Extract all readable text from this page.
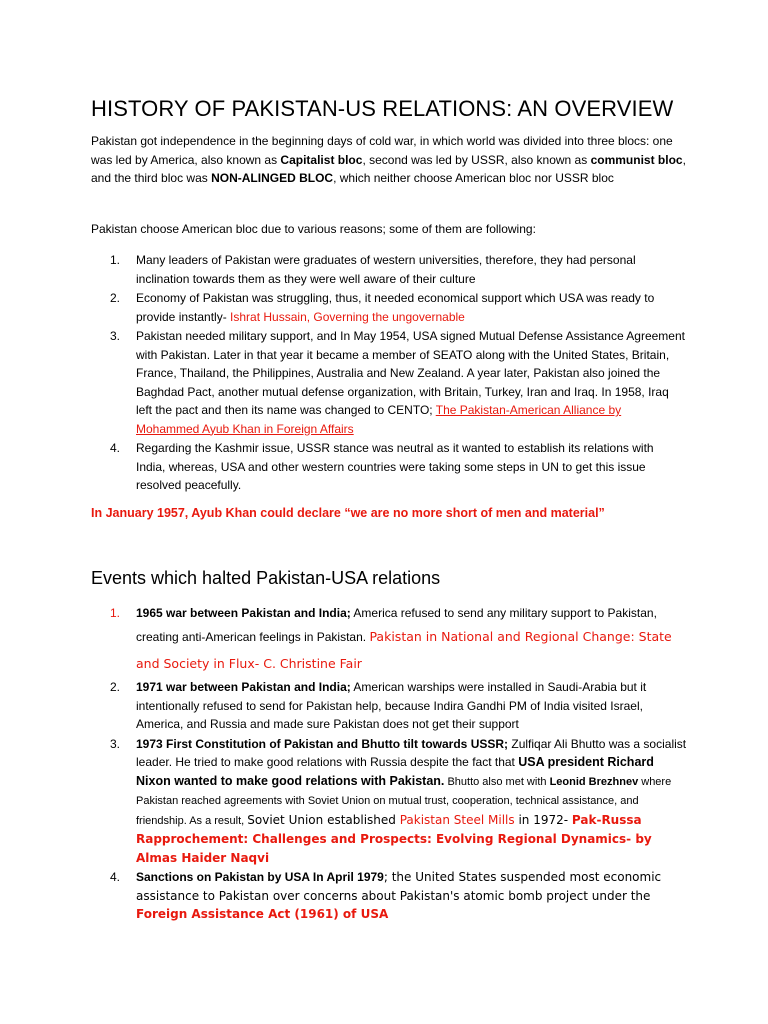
HISTORY OF PAKISTAN-US RELATIONS: AN OVERVIEW

Pakistan got independence in the beginning days of cold war, in which world was divided into three blocs: one was led by America, also known as Capitalist bloc, second was led by USSR, also known as communist bloc, and the third bloc was NON-ALINGED BLOC, which neither choose American bloc nor USSR bloc

Pakistan choose American bloc due to various reasons; some of them are following:

1. Many leaders of Pakistan were graduates of western universities, therefore, they had personal inclination towards them as they were well aware of their culture
2. Economy of Pakistan was struggling, thus, it needed economical support which USA was ready to provide instantly- Ishrat Hussain, Governing the ungovernable
3. Pakistan needed military support, and In May 1954, USA signed Mutual Defense Assistance Agreement with Pakistan. Later in that year it became a member of SEATO along with the United States, Britain, France, Thailand, the Philippines, Australia and New Zealand. A year later, Pakistan also joined the Baghdad Pact, another mutual defense organization, with Britain, Turkey, Iran and Iraq. In 1958, Iraq left the pact and then its name was changed to CENTO; The Pakistan-American Alliance by Mohammed Ayub Khan in Foreign Affairs
4. Regarding the Kashmir issue, USSR stance was neutral as it wanted to establish its relations with India, whereas, USA and other western countries were taking some steps in UN to get this issue resolved peacefully.

In January 1957, Ayub Khan could declare “we are no more short of men and material”

Events which halted Pakistan-USA relations
1. 1965 war between Pakistan and India; America refused to send any military support to Pakistan, creating anti-American feelings in Pakistan. Pakistan in National and Regional Change: State and Society in Flux- C. Christine Fair
2. 1971 war between Pakistan and India; American warships were installed in Saudi-Arabia but it intentionally refused to send for Pakistan help, because Indira Gandhi PM of India visited Israel, America, and Russia and made sure Pakistan does not get their support
3. 1973 First Constitution of Pakistan and Bhutto tilt towards USSR; Zulfiqar Ali Bhutto was a socialist leader. He tried to make good relations with Russia despite the fact that USA president Richard Nixon wanted to make good relations with Pakistan. Bhutto also met with Leonid Brezhnev where Pakistan reached agreements with Soviet Union on mutual trust, cooperation, technical assistance, and friendship. As a result, Soviet Union established Pakistan Steel Mills in 1972- Pak-Russa Rapprochement: Challenges and Prospects: Evolving Regional Dynamics- by Almas Haider Naqvi
4. Sanctions on Pakistan by USA In April 1979; the United States suspended most economic assistance to Pakistan over concerns about Pakistan's atomic bomb project under the Foreign Assistance Act (1961) of USA
